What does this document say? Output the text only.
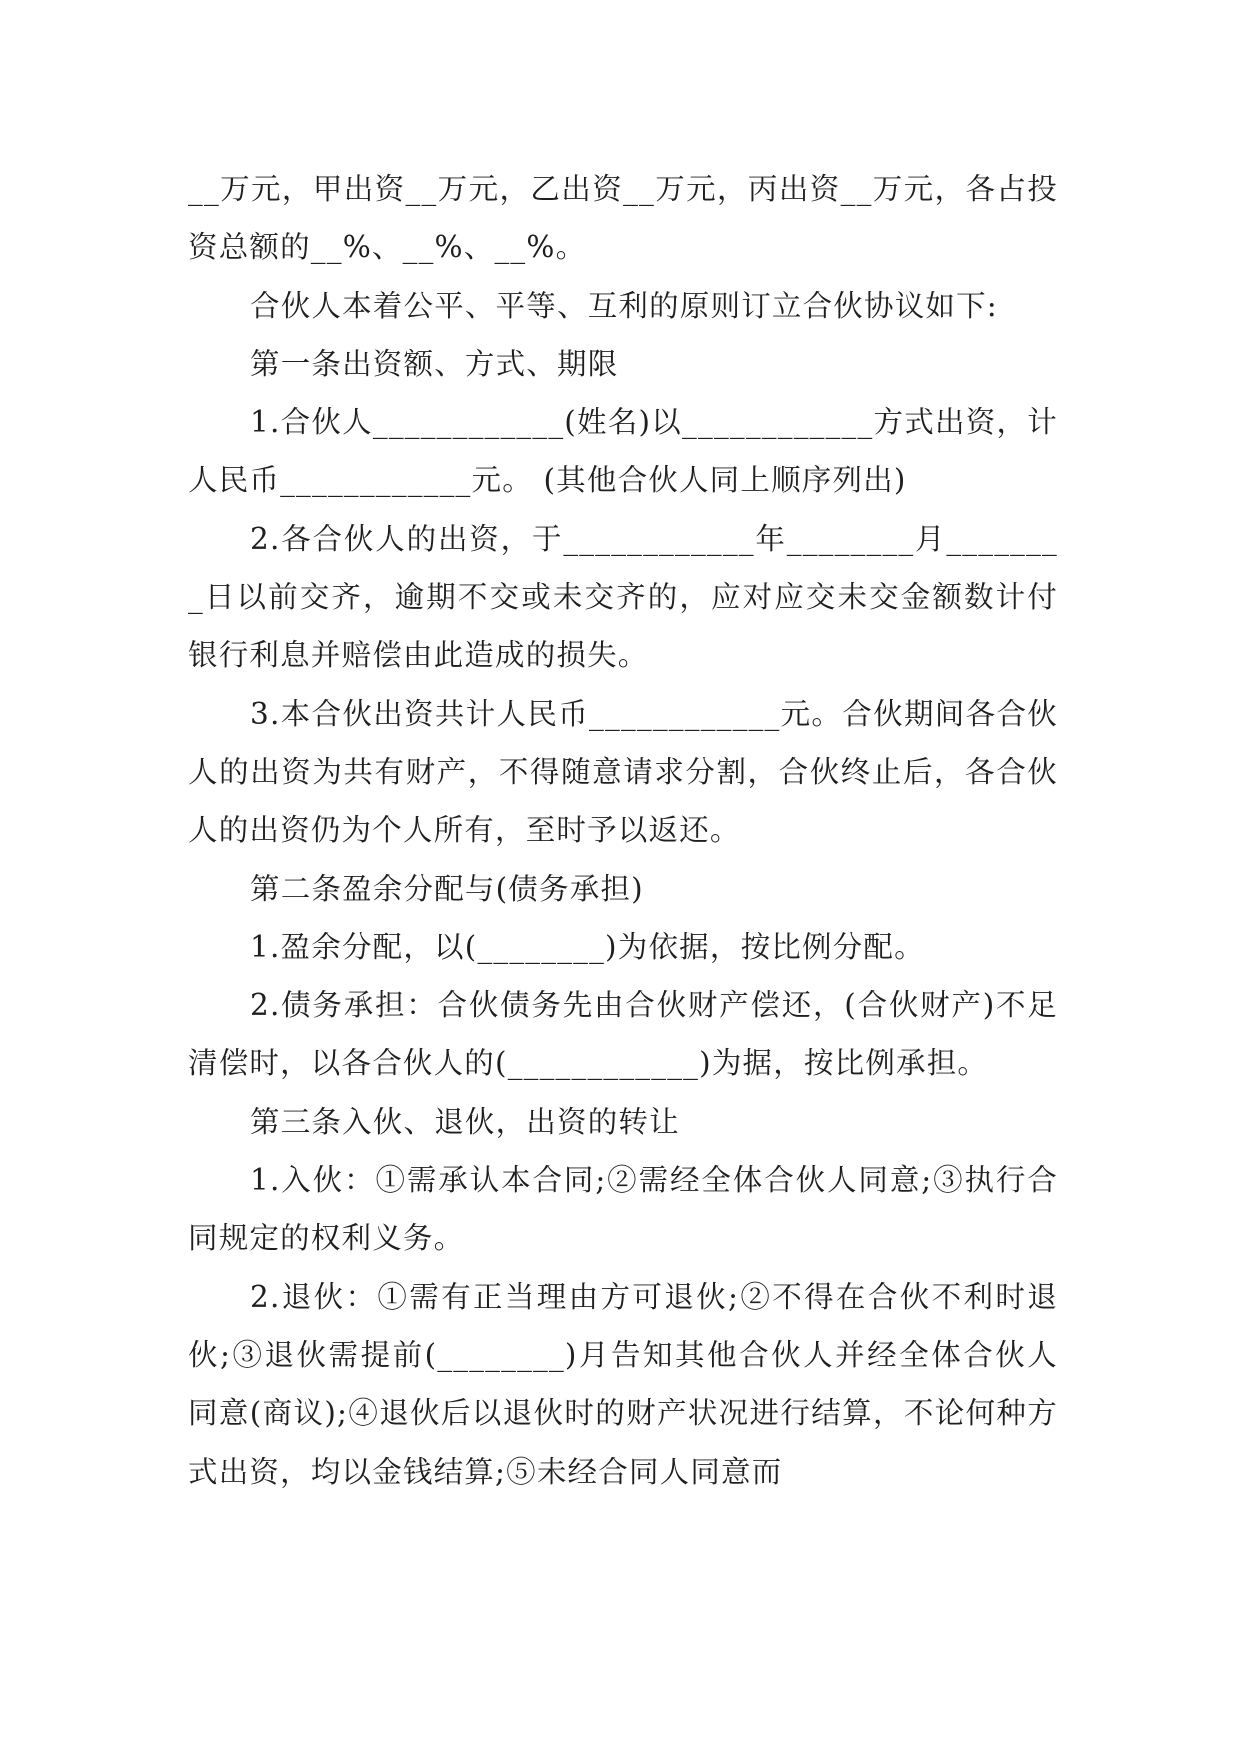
__万元，甲出资__万元，乙出资__万元，丙出资__万元，各占投资总额的__%、__%、__%。

合伙人本着公平、平等、互利的原则订立合伙协议如下:

第一条出资额、方式、期限

1.合伙人____________(姓名)以____________方式出资，计人民币____________元。 (其他合伙人同上顺序列出)

2.各合伙人的出资，于____________年________月________日以前交齐，逾期不交或未交齐的，应对应交未交金额数计付银行利息并赔偿由此造成的损失。

3.本合伙出资共计人民币____________元。合伙期间各合伙人的出资为共有财产，不得随意请求分割，合伙终止后，各合伙人的出资仍为个人所有，至时予以返还。

第二条盈余分配与(债务承担)

1.盈余分配，以(________)为依据，按比例分配。

2.债务承担：合伙债务先由合伙财产偿还，(合伙财产)不足清偿时，以各合伙人的(____________)为据，按比例承担。

第三条入伙、退伙，出资的转让

1.入伙：①需承认本合同;②需经全体合伙人同意;③执行合同规定的权利义务。

2.退伙：①需有正当理由方可退伙;②不得在合伙不利时退伙;③退伙需提前(________)月告知其他合伙人并经全体合伙人同意(商议);④退伙后以退伙时的财产状况进行结算，不论何种方式出资，均以金钱结算;⑤未经合同人同意而
